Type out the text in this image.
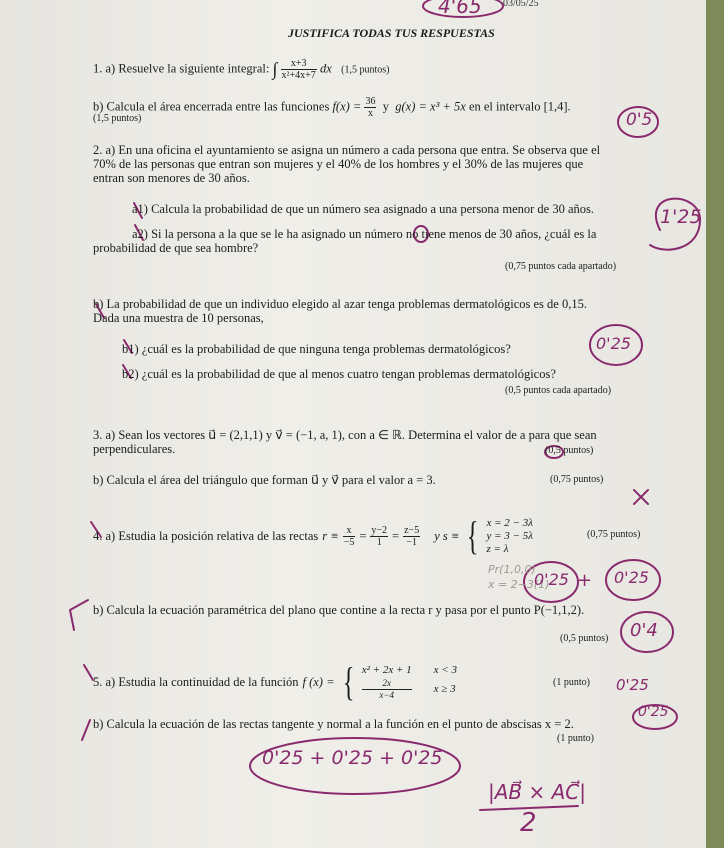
4'65 03/05/25
JUSTIFICA TODAS TUS RESPUESTAS
1. a) Resuelve la siguiente integral: ∫ $\frac{x+3}{\text{x²+4x+7}}$ dx (1,5 puntos)
b) Calcula el área encerrada entre las funciones $f(x) = \frac{36}{x}$ y g(x) = x³ + 5x en el intervalo [1,4].
(1,5 puntos)	0'5
2. a) En una oficina el ayuntamiento se asigna un número a cada persona que entra. Se observa que el
70% de las personas que entran son mujeres y el 40% de los hombres y el 30% de las mujeres que
entran son menores de 30 años.
a1) Calcula la probabilidad de que un número sea asignado a una persona menor de 30 años.
a2) Si la persona a la que se le ha asignado un número no tiene menos de 30 años, ¿cuál es la
probabilidad de que sea hombre?
(0,75 puntos cada apartado)
1'25
b) La probabilidad de que un individuo elegido al azar tenga problemas dermatológicos es de 0,15.
Dada una muestra de 10 personas,
b1) ¿cuál es la probabilidad de que ninguna tenga problemas dermatológicos?
b2) ¿cuál es la probabilidad de que al menos cuatro tengan problemas dermatológicos?
(0,5 puntos cada apartado)
0'25
3. a) Sean los vectores u⃗ = (2,1,1) y v⃗ = (−1, a, 1), con a ∈ ℝ. Determina el valor de a para que sean
perpendiculares.	(0,5 puntos)
b) Calcula el área del triángulo que forman u⃗ y v⃗ para el valor a = 3.	(0,75 puntos)
4. a) Estudia la posición relativa de las rectas $r \equiv \frac{x}{-5} = \frac{y-2}{1} = \frac{z-5}{-1}$ y s ≡ { x = 2 − 3λ
y = 3 − 5λ
z = λ
(0,75 puntos)
Pr(1,0,0)
x = 2−3(1)
0'25 + 0'25
b) Calcula la ecuación paramétrica del plano que contine a la recta r y pasa por el punto P(−1,1,2).
(0,5 puntos) 0'4
5. a) Estudia la continuidad de la función f (x) = { x² + 2x + 1 x < 3
$\frac{2x}{x-4}$ x ≥ 3
(1 punto) 0'25
b) Calcula la ecuación de las rectas tangente y normal a la función en el punto de abscisas x = 2.
(1 punto)
0'25
0'25 + 0'25 + 0'25
|AB⃗ × AC⃗|
2
